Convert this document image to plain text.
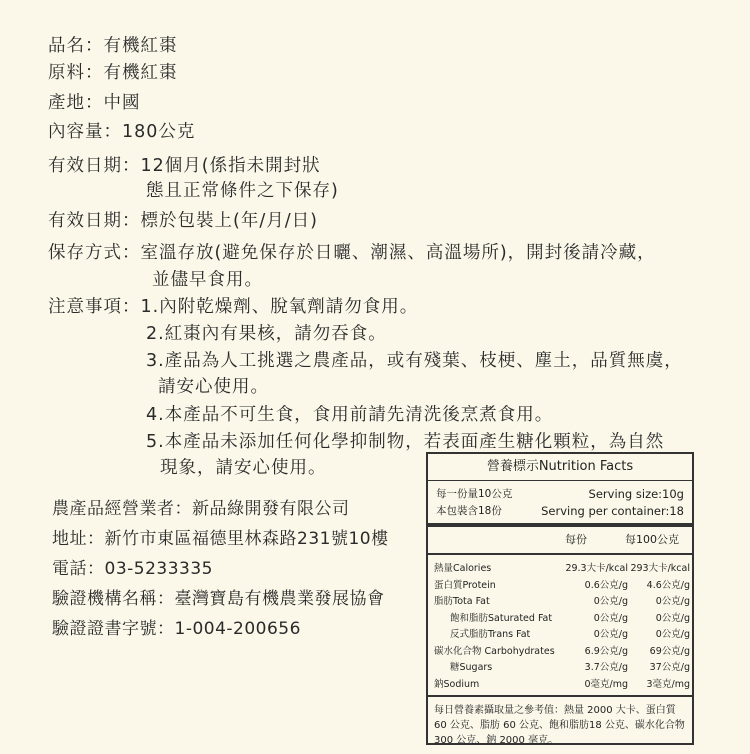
品名：有機紅棗
原料：有機紅棗
產地：中國
內容量：180公克
有效日期：12個月(係指未開封狀
態且正常條件之下保存)
有效日期：標於包裝上(年/月/日)
保存方式：室溫存放(避免保存於日曬、潮濕、高溫場所)，開封後請冷藏，
並儘早食用。
注意事項：1.內附乾燥劑、脫氧劑請勿食用。
2.紅棗內有果核，請勿吞食。
3.產品為人工挑選之農產品，或有殘葉、枝梗、塵土，品質無虞，
請安心使用。
4.本產品不可生食，食用前請先清洗後烹煮食用。
5.本產品未添加任何化學抑制物，若表面產生糖化顆粒，為自然
現象，請安心使用。
農產品經營業者：新品綠開發有限公司
地址：新竹市東區福德里林森路231號10樓
電話：03-5233335
驗證機構名稱：臺灣寶島有機農業發展協會
驗證證書字號：1-004-200656
營養標示Nutrition Facts
每一份量10公克	Serving size:10g
本包裝含18份	Serving per container:18
每份	每100公克
熱量Calories	29.3大卡/kcal 293大卡/kcal
蛋白質Protein	0.6公克/g	4.6公克/g
脂肪Tota Fat	0公克/g	0公克/g
飽和脂肪Saturated Fat	0公克/g	0公克/g
反式脂肪Trans Fat	0公克/g	0公克/g
碳水化合物 Carbohydrates	6.9公克/g	69公克/g
糖Sugars	3.7公克/g	37公克/g
鈉Sodium	0毫克/mg	3毫克/mg
每日營養素攝取量之參考值：熱量 2000 大卡、蛋白質 60 公克、脂肪 60 公克、飽和脂肪18 公克、碳水化合物 300 公克、鈉 2000 毫克。
